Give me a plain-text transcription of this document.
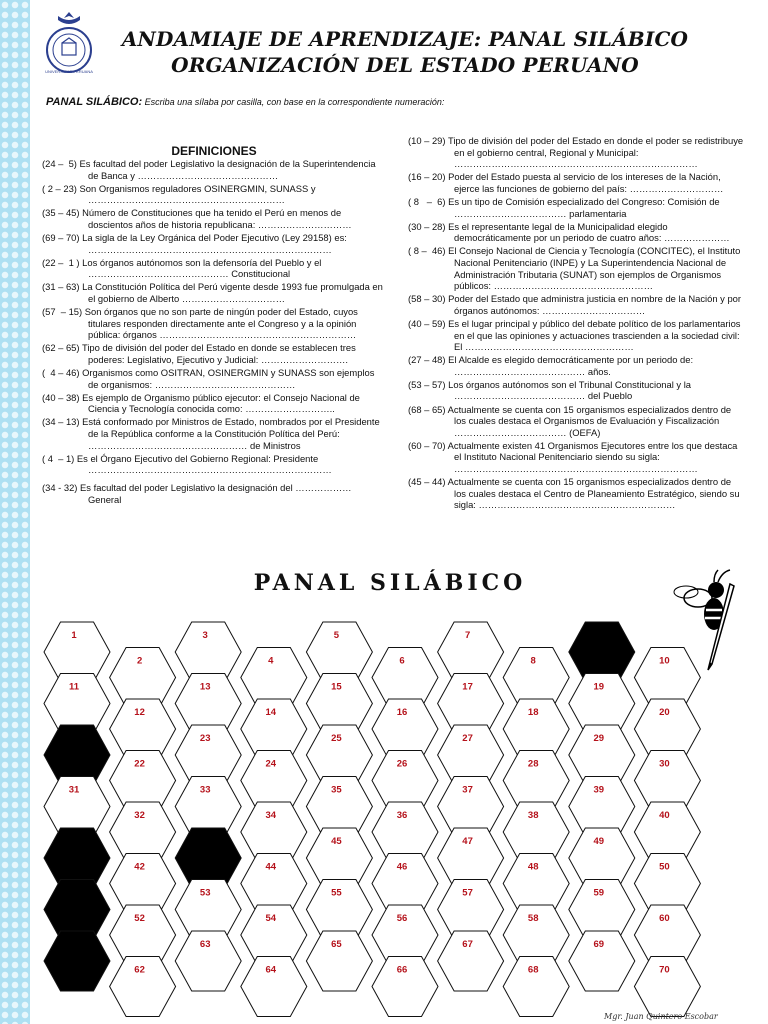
UNIVERSIDAD PERUANA
ANDAMIAJE DE APRENDIZAJE: PANAL SILÁBICO
ORGANIZACIÓN DEL ESTADO PERUANO
PANAL SILÁBICO: Escriba una sílaba por casilla, con base en la correspondiente numeración:
DEFINICIONES
(24 –  5) Es facultad del poder Legislativo la designación de la Superintendencia de Banca y ………………………………………
( 2 – 23) Son Organismos reguladores OSINERGMIN, SUNASS y ………………………………………………………
(35 – 45) Número de Constituciones que ha tenido el Perú en menos de doscientos años de historia republicana: …………………………
(69 – 70) La sigla de la Ley Orgánica del Poder Ejecutivo (Ley 29158) es: ……………………………………………………………………
(22 –  1 ) Los órganos autónomos son la defensoría del Pueblo y el ……………………………………… Constitucional
(31 – 63) La Constitución Política del Perú vigente desde 1993 fue promulgada en el gobierno de Alberto ……………………………
(57  – 15) Son órganos que no son parte de ningún poder del Estado, cuyos titulares responden directamente ante el Congreso y a la opinión pública: órganos ………………………………………………………
(62 – 65) Tipo de división del poder del Estado en donde se establecen tres poderes: Legislativo, Ejecutivo y Judicial: ……………………….
(  4 – 46) Organismos como OSITRAN, OSINERGMIN y SUNASS son ejemplos de organismos: ………………………………………
(40 – 38) Es ejemplo de Organismo público ejecutor: el Consejo Nacional de Ciencia y Tecnología conocida como: ………………………..
(34 – 13) Está conformado por Ministros de Estado, nombrados por el Presidente de la República conforme a la Constitución Política del Perú: …………………………………………… de Ministros
( 4  – 1) Es el Órgano Ejecutivo del Gobierno Regional: Presidente ……………………………………………………………………
(34 - 32) Es facultad del poder Legislativo la designación del ……………… General
(10 – 29) Tipo de división del poder del Estado en donde el poder se redistribuye en el gobierno central, Regional y Municipal: ……………………………………………………………………
(16 – 20) Poder del Estado puesta al servicio de los intereses de la Nación, ejerce las funciones de gobierno del país: …………………………
( 8   –  6) Es un tipo de Comisión especializado del Congreso: Comisión de ……………………………… parlamentaria
(30 – 28) Es el representante legal de la Municipalidad elegido democráticamente por un periodo de cuatro años: …………………
( 8 –  46) El Consejo Nacional de Ciencia y Tecnología (CONCITEC), el Instituto Nacional Penitenciario (INPE) y La Superintendencia Nacional de Administración Tributaria (SUNAT) son ejemplos de Organismos públicos: ……………………………………………
(58 – 30) Poder del Estado que administra justicia en nombre de la Nación y por órganos autónomos: ……………………………
(40 – 59) Es el lugar principal y público del debate político de los parlamentarios en el que las opiniones y actuaciones trascienden a la sociedad civil: El ………………………………………………
(27 – 48) El Alcalde es elegido democráticamente por un periodo de: …………………………………… años.
(53 – 57) Los órganos autónomos son el Tribunal Constitucional y la …………………………………… del Pueblo
(68 – 65) Actualmente se cuenta con 15 organismos especializados dentro de los cuales destaca el Organismos de Evaluación y Fiscalización ……………………………… (OEFA)
(60 – 70) Actualmente existen 41 Organismos Ejecutores entre los que destaca el Instituto Nacional Penitenciario siendo su sigla: ……………………………………………………………………
(45 – 44) Actualmente se cuenta con 15 organismos especializados dentro de los cuales destaca el Centro de Planeamiento Estratégico, siendo su sigla: ………………………………………………………
PANAL SILÁBICO
1
2
3
4
5
6
7
8	10
11
12
13
14
15
16
17
18
19
20
22
23
24
25
26
27
28
29
30
31
32
33
34
35
36
37
38
39
40
42	44
45
46
47
48
49
50
52
53
54
55
56
57
58
59
60
62
63
64
65
66
67
68
69
70
Mgr. Juan Quintero Escobar
